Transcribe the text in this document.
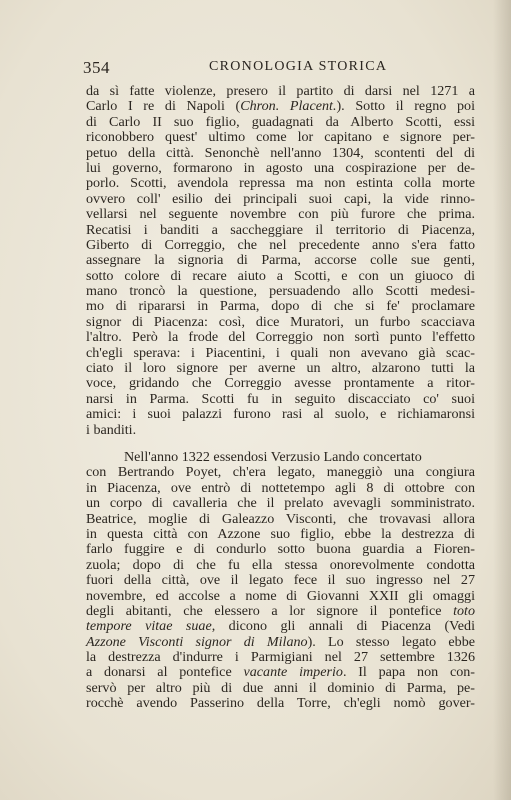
354	CRONOLOGIA STORICA
da sì fatte violenze, presero il partito di darsi nel 1271 a
Carlo I re di Napoli (Chron. Placent.). Sotto il regno poi
di Carlo II suo figlio, guadagnati da Alberto Scotti, essi
riconobbero quest' ultimo come lor capitano e signore per-
petuo della città. Senonchè nell'anno 1304, scontenti del di
lui governo, formarono in agosto una cospirazione per de-
porlo. Scotti, avendola repressa ma non estinta colla morte
ovvero coll' esilio dei principali suoi capi, la vide rinno-
vellarsi nel seguente novembre con più furore che prima.
Recatisi i banditi a saccheggiare il territorio di Piacenza,
Giberto di Correggio, che nel precedente anno s'era fatto
assegnare la signoria di Parma, accorse colle sue genti,
sotto colore di recare aiuto a Scotti, e con un giuoco di
mano troncò la questione, persuadendo allo Scotti medesi-
mo di ripararsi in Parma, dopo di che si fe' proclamare
signor di Piacenza: così, dice Muratori, un furbo scacciava
l'altro. Però la frode del Correggio non sortì punto l'effetto
ch'egli sperava: i Piacentini, i quali non avevano già scac-
ciato il loro signore per averne un altro, alzarono tutti la
voce, gridando che Correggio avesse prontamente a ritor-
narsi in Parma. Scotti fu in seguito discacciato co' suoi
amici: i suoi palazzi furono rasi al suolo, e richiamaronsi
i banditi.
Nell'anno 1322 essendosi Verzusio Lando concertato
con Bertrando Poyet, ch'era legato, maneggiò una congiura
in Piacenza, ove entrò di nottetempo agli 8 di ottobre con
un corpo di cavalleria che il prelato avevagli somministrato.
Beatrice, moglie di Galeazzo Visconti, che trovavasi allora
in questa città con Azzone suo figlio, ebbe la destrezza di
farlo fuggire e di condurlo sotto buona guardia a Fioren-
zuola; dopo di che fu ella stessa onorevolmente condotta
fuori della città, ove il legato fece il suo ingresso nel 27
novembre, ed accolse a nome di Giovanni XXII gli omaggi
degli abitanti, che elessero a lor signore il pontefice toto
tempore vitae suae, dicono gli annali di Piacenza (Vedi
Azzone Visconti signor di Milano). Lo stesso legato ebbe
la destrezza d'indurre i Parmigiani nel 27 settembre 1326
a donarsi al pontefice vacante imperio. Il papa non con-
servò per altro più di due anni il dominio di Parma, pe-
rocchè avendo Passerino della Torre, ch'egli nomò gover-
